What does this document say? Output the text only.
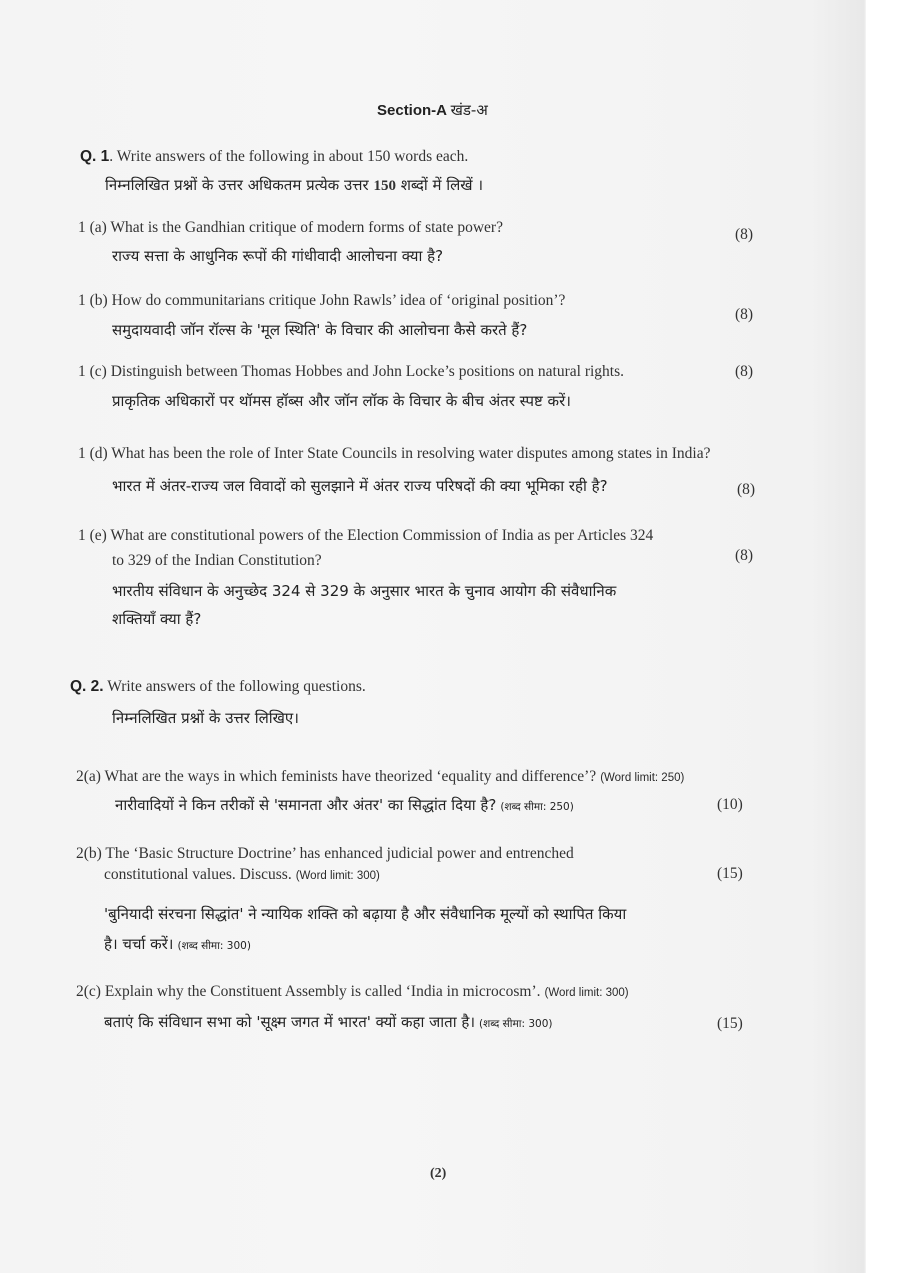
Section-A खंड-अ
Q. 1. Write answers of the following in about 150 words each.
निम्नलिखित प्रश्नों के उत्तर अधिकतम प्रत्येक उत्तर 150 शब्दों में लिखें ।
1 (a) What is the Gandhian critique of modern forms of state power?	(8)
राज्य सत्ता के आधुनिक रूपों की गांधीवादी आलोचना क्या है?
1 (b) How do communitarians critique John Rawls’ idea of ‘original position’?
(8)
समुदायवादी जॉन रॉल्स के 'मूल स्थिति' के विचार की आलोचना कैसे करते हैं?
1 (c) Distinguish between Thomas Hobbes and John Locke’s positions on natural rights.	(8)
प्राकृतिक अधिकारों पर थॉमस हॉब्स और जॉन लॉक के विचार के बीच अंतर स्पष्ट करें।
1 (d) What has been the role of Inter State Councils in resolving water disputes among states in India?
भारत में अंतर-राज्य जल विवादों को सुलझाने में अंतर राज्य परिषदों की क्या भूमिका रही है?	(8)
1 (e) What are constitutional powers of the Election Commission of India as per Articles 324
to 329 of the Indian Constitution?	(8)
भारतीय संविधान के अनुच्छेद 324 से 329 के अनुसार भारत के चुनाव आयोग की संवैधानिक
शक्तियाँ क्या हैं?
Q. 2. Write answers of the following questions.
निम्नलिखित प्रश्नों के उत्तर लिखिए।
2(a) What are the ways in which feminists have theorized ‘equality and difference’? (Word limit: 250)
नारीवादियों ने किन तरीकों से 'समानता और अंतर' का सिद्धांत दिया है? (शब्द सीमा: 250)	(10)
2(b) The ‘Basic Structure Doctrine’ has enhanced judicial power and entrenched
constitutional values. Discuss. (Word limit: 300)	(15)
'बुनियादी संरचना सिद्धांत' ने न्यायिक शक्ति को बढ़ाया है और संवैधानिक मूल्यों को स्थापित किया
है। चर्चा करें। (शब्द सीमा: 300)
2(c) Explain why the Constituent Assembly is called ‘India in microcosm’. (Word limit: 300)
बताएं कि संविधान सभा को 'सूक्ष्म जगत में भारत' क्यों कहा जाता है। (शब्द सीमा: 300)	(15)
(2)
